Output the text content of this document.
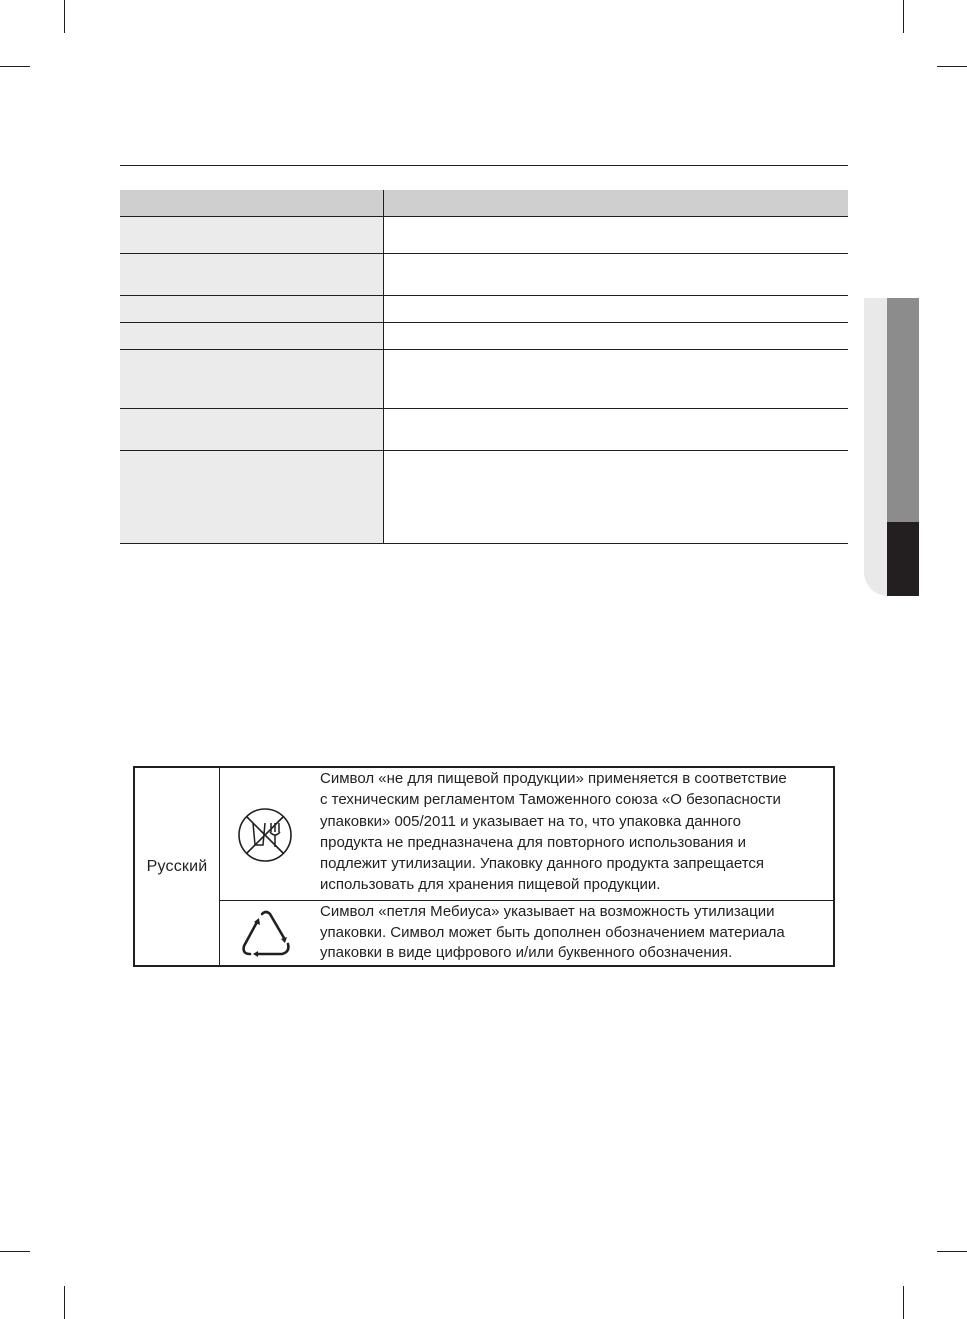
Русский
Символ «не для пищевой продукции» применяется в соответствие
с техническим регламентом Таможенного союза «О безопасности
упаковки» 005/2011 и указывает на то, что упаковка данного
продукта не предназначена для повторного использования и
подлежит утилизации. Упаковку данного продукта запрещается
использовать для хранения пищевой продукции.
Символ «петля Мебиуса» указывает на возможность утилизации
упаковки. Символ может быть дополнен обозначением материала
упаковки в виде цифрового и/или буквенного обозначения.
